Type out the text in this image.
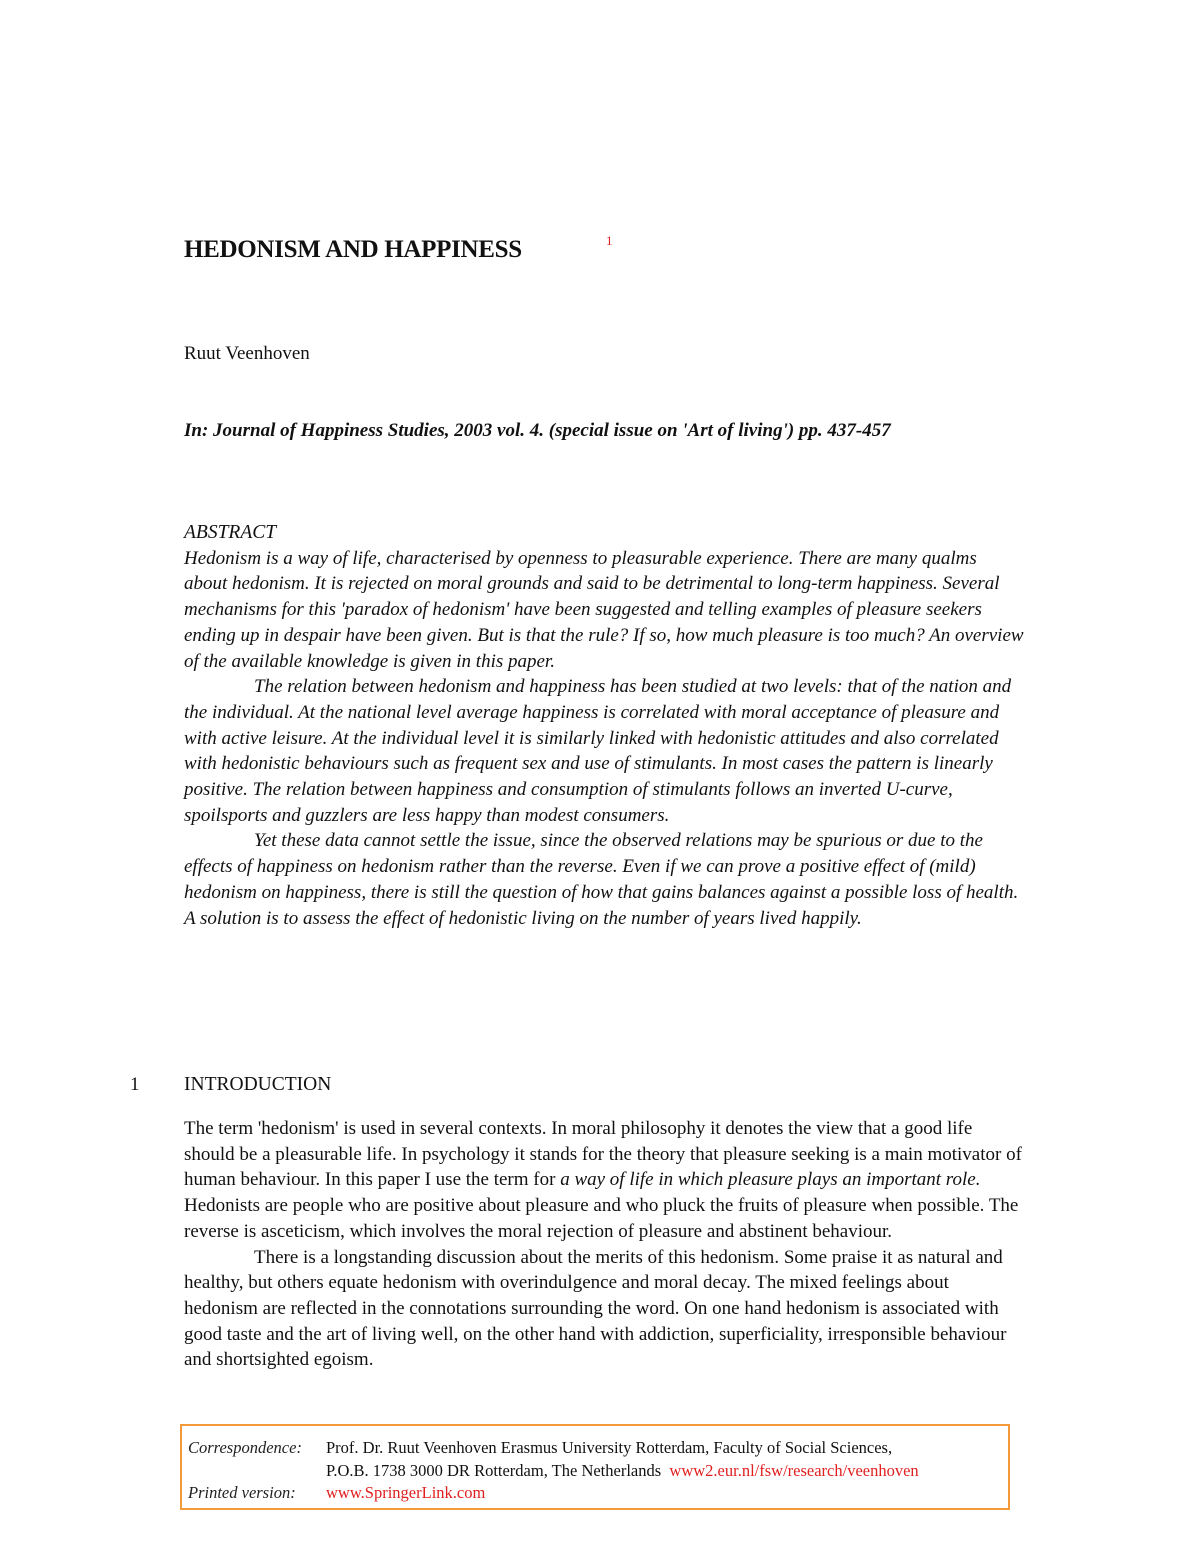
HEDONISM AND HAPPINESS	1
Ruut Veenhoven
In: Journal of Happiness Studies, 2003 vol. 4. (special issue on 'Art of living') pp. 437-457
ABSTRACT

Hedonism is a way of life, characterised by openness to pleasurable experience. There are many qualms about hedonism. It is rejected on moral grounds and said to be detrimental to long-term happiness. Several mechanisms for this 'paradox of hedonism' have been suggested and telling examples of pleasure seekers ending up in despair have been given. But is that the rule? If so, how much pleasure is too much? An overview of the available knowledge is given in this paper.

The relation between hedonism and happiness has been studied at two levels: that of the nation and the individual. At the national level average happiness is correlated with moral acceptance of pleasure and with active leisure. At the individual level it is similarly linked with hedonistic attitudes and also correlated with hedonistic behaviours such as frequent sex and use of stimulants. In most cases the pattern is linearly positive. The relation between happiness and consumption of stimulants follows an inverted U-curve, spoilsports and guzzlers are less happy than modest consumers.

Yet these data cannot settle the issue, since the observed relations may be spurious or due to the effects of happiness on hedonism rather than the reverse. Even if we can prove a positive effect of (mild) hedonism on happiness, there is still the question of how that gains balances against a possible loss of health. A solution is to assess the effect of hedonistic living on the number of years lived happily.

1 INTRODUCTION

The term 'hedonism' is used in several contexts. In moral philosophy it denotes the view that a good life should be a pleasurable life. In psychology it stands for the theory that pleasure seeking is a main motivator of human behaviour. In this paper I use the term for a way of life in which pleasure plays an important role. Hedonists are people who are positive about pleasure and who pluck the fruits of pleasure when possible. The reverse is asceticism, which involves the moral rejection of pleasure and abstinent behaviour.

There is a longstanding discussion about the merits of this hedonism. Some praise it as natural and healthy, but others equate hedonism with overindulgence and moral decay. The mixed feelings about hedonism are reflected in the connotations surrounding the word. On one hand hedonism is associated with good taste and the art of living well, on the other hand with addiction, superficiality, irresponsible behaviour and shortsighted egoism.

Correspondence: Prof. Dr. Ruut Veenhoven Erasmus University Rotterdam, Faculty of Social Sciences,
P.O.B. 1738 3000 DR Rotterdam, The Netherlands www2.eur.nl/fsw/research/veenhoven
Printed version: www.SpringerLink.com
